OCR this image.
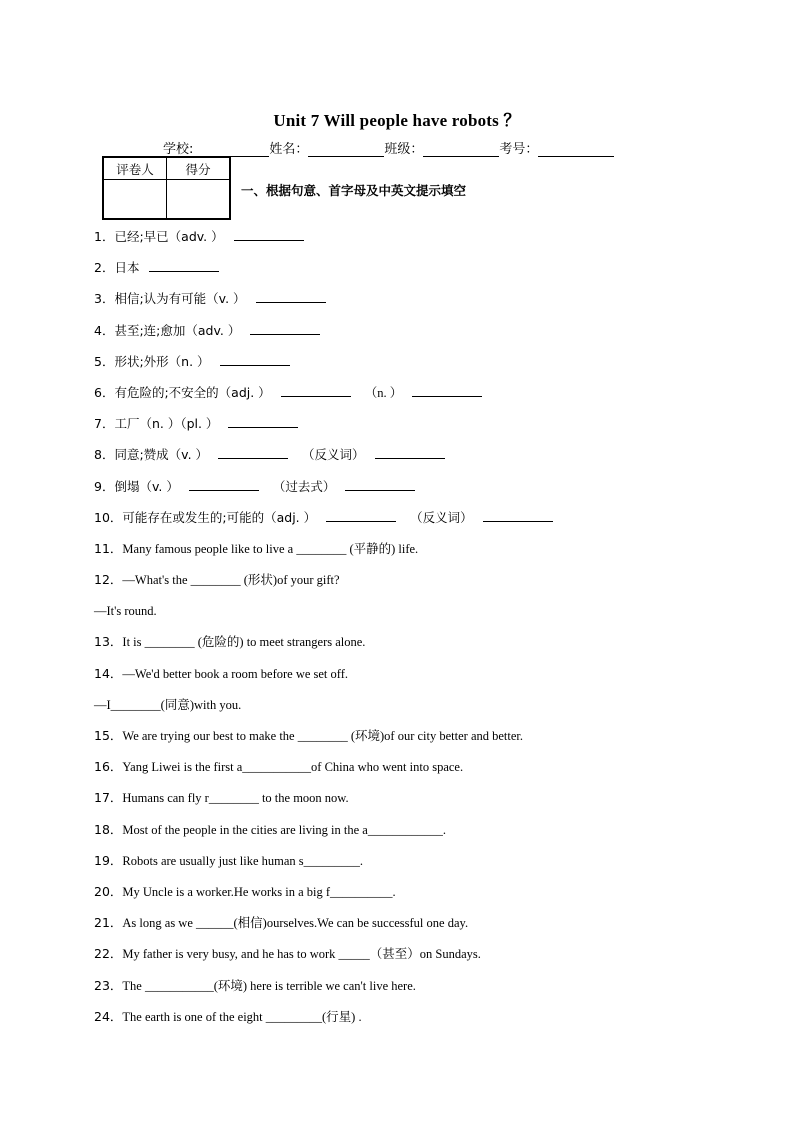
Unit 7 Will people have robots ？
学校:	姓名：	班级：	考号：
评卷人	得分

一、根据句意、首字母及中英文提示填空
1．已经;早已（adv. ）
2．日本
3．相信;认为有可能（v. ）
4．甚至;连;愈加（adv. ）
5．形状;外形（n. ）
6．有危险的;不安全的（adj. ）	（n. ）
7．工厂（n. ）（pl. ）
8．同意;赞成（v. ）	（反义词）
9．倒塌（v. ）	（过去式）
10．可能存在或发生的;可能的（adj. ）	（反义词）
11．Many famous people like to live a ________ (平静的) life.
12．—What's the ________ (形状)of your gift?
—It's round.
13．It is ________ (危险的) to meet strangers alone.
14．—We'd better book a room before we set off.
—I________(同意)with you.
15．We are trying our best to make the ________ (环境)of our city better and better.
16．Yang Liwei is the first a___________of China who went into space.
17．Humans can fly r________ to the moon now.
18．Most of the people in the cities are living in the a____________.
19．Robots are usually just like human s_________.
20．My Uncle is a worker.He works in a big f__________.
21．As long as we ______(相信)ourselves.We can be successful one day.
22．My father is very busy, and he has to work _____（甚至）on Sundays.
23．The ___________(环境) here is terrible we can't live here.
24．The earth is one of the eight _________(行星) .
